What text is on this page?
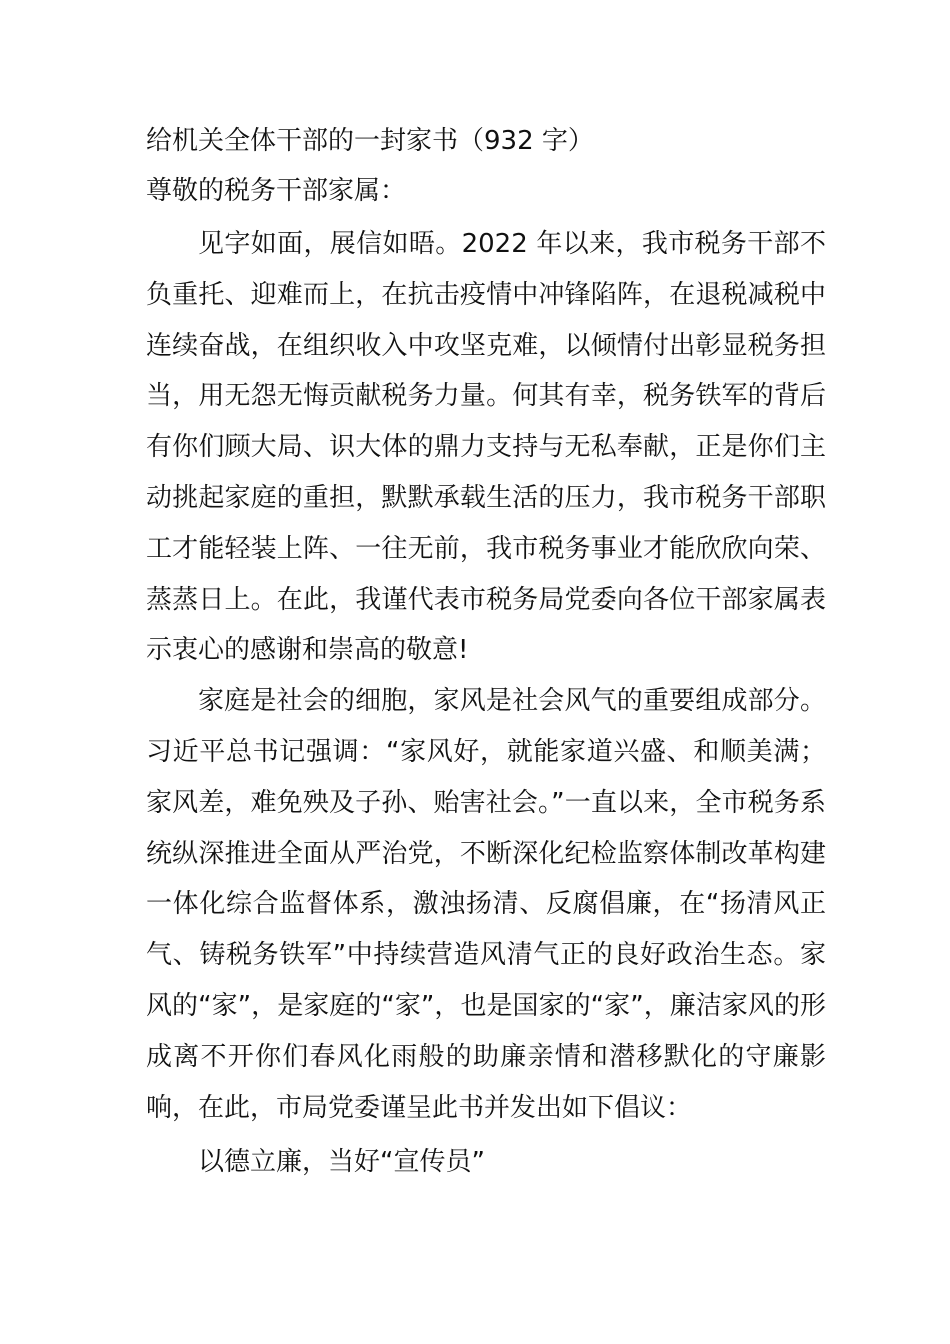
给机关全体干部的一封家书（932 字）

尊敬的税务干部家属：

见字如面，展信如晤。2022 年以来，我市税务干部不负重托、迎难而上，在抗击疫情中冲锋陷阵，在退税减税中连续奋战，在组织收入中攻坚克难，以倾情付出彰显税务担当，用无怨无悔贡献税务力量。何其有幸，税务铁军的背后有你们顾大局、识大体的鼎力支持与无私奉献，正是你们主动挑起家庭的重担，默默承载生活的压力，我市税务干部职工才能轻装上阵、一往无前，我市税务事业才能欣欣向荣、蒸蒸日上。在此，我谨代表市税务局党委向各位干部家属表示衷心的感谢和崇高的敬意!

家庭是社会的细胞，家风是社会风气的重要组成部分。习近平总书记强调：“家风好，就能家道兴盛、和顺美满；家风差，难免殃及子孙、贻害社会。”一直以来，全市税务系统纵深推进全面从严治党，不断深化纪检监察体制改革构建一体化综合监督体系，激浊扬清、反腐倡廉，在“扬清风正气、铸税务铁军”中持续营造风清气正的良好政治生态。家风的“家”，是家庭的“家”，也是国家的“家”，廉洁家风的形成离不开你们春风化雨般的助廉亲情和潜移默化的守廉影响，在此，市局党委谨呈此书并发出如下倡议：

以德立廉，当好“宣传员”
